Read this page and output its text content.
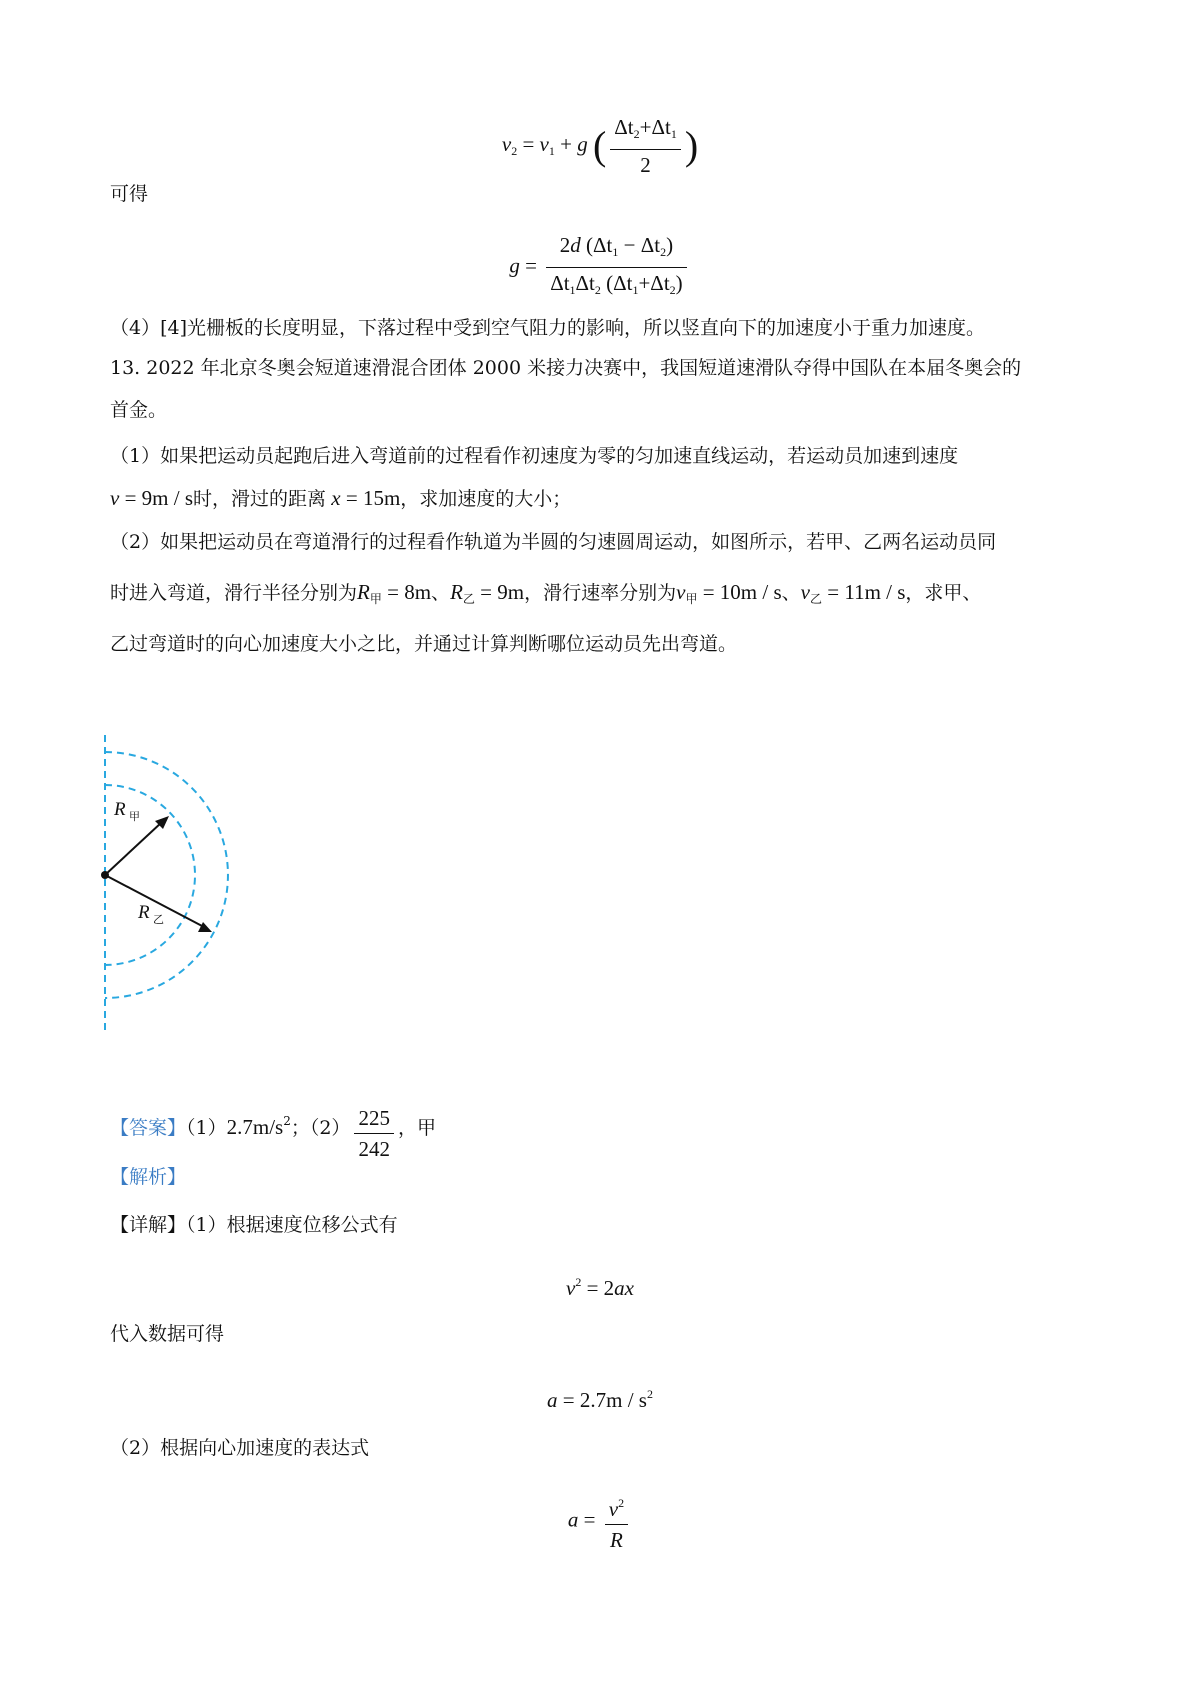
$v_2 = v_1 + g$ ( $\frac{\Delta t_2+\Delta t_1}{2}$ )
可得
$g = \frac{2d (\Delta t_1 - \Delta t_2)}{\Delta t_1\Delta t_2 (\Delta t_1+\Delta t_2)}$
（4）[4]光栅板的长度明显，下落过程中受到空气阻力的影响，所以竖直向下的加速度小于重力加速度。
13. 2022 年北京冬奥会短道速滑混合团体 2000 米接力决赛中，我国短道速滑队夺得中国队在本届冬奥会的
首金。
（1）如果把运动员起跑后进入弯道前的过程看作初速度为零的匀加速直线运动，若运动员加速到速度
v = 9m / s时，滑过的距离 x = 15m，求加速度的大小；
（2）如果把运动员在弯道滑行的过程看作轨道为半圆的匀速圆周运动，如图所示，若甲、乙两名运动员同
时进入弯道，滑行半径分别为$R_甲 = 8m$、$R_乙 = 9m$，滑行速率分别为$v_甲 = 10m / s$、$v_乙 = 11m / s$，求甲、
乙过弯道时的向心加速度大小之比，并通过计算判断哪位运动员先出弯道。
R 甲
R 乙
【答案】$(1)2.7m/s^2$；$(2) \frac{225}{242}$ ，甲
【解析】
【详解】（1）根据速度位移公式有
$v^2 = 2ax$
代入数据可得
$a = 2.7m / s^2$
（2）根据向心加速度的表达式
$a = \frac{v^2}{R}$
